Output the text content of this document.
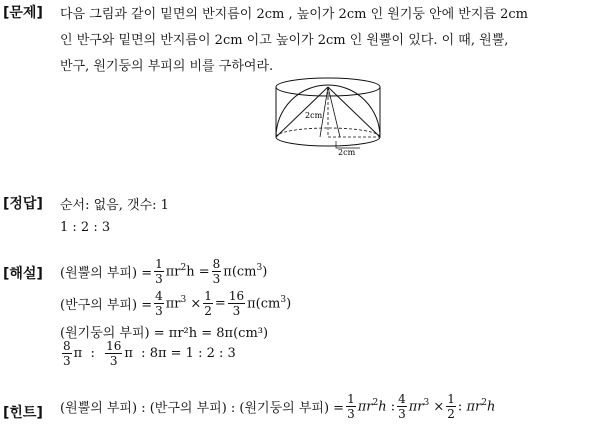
[문제] 다음 그림과 같이 밑면의 반지름이 2cm , 높이가 2cm 인 원기둥 안에 반지름 2cm
인 반구와 밑면의 반지름이 2cm 이고 높이가 2cm 인 원뿔이 있다. 이 때, 원뿔,
반구, 원기둥의 부피의 비를 구하여라.
2cm
2cm
[정답] 순서: 없음, 갯수: 1
1 : 2 : 3
[해설] (원뿔의 부피) = $\frac{1}{3} \pi r^2h = \frac{8}{3} \pi(cm^3)$
(반구의 부피) = $\frac{4}{3} \pi r^3 \times \frac{1}{2} = \frac{16}{3} \pi(cm^3)$
(원기둥의 부피) = πr²h = 8π(cm³)
$\frac{8}{3}$ π  : $\frac{16}{3}$ π  : 8π = 1 : 2 : 3
[힌트] (원뿔의 부피) : (반구의 부피) : (원기둥의 부피) = $\frac{1}{3} \pi r^2h$ : $\frac{4}{3} \pi r^3 \times \frac{1}{2}$ : $\pi r^2h$
